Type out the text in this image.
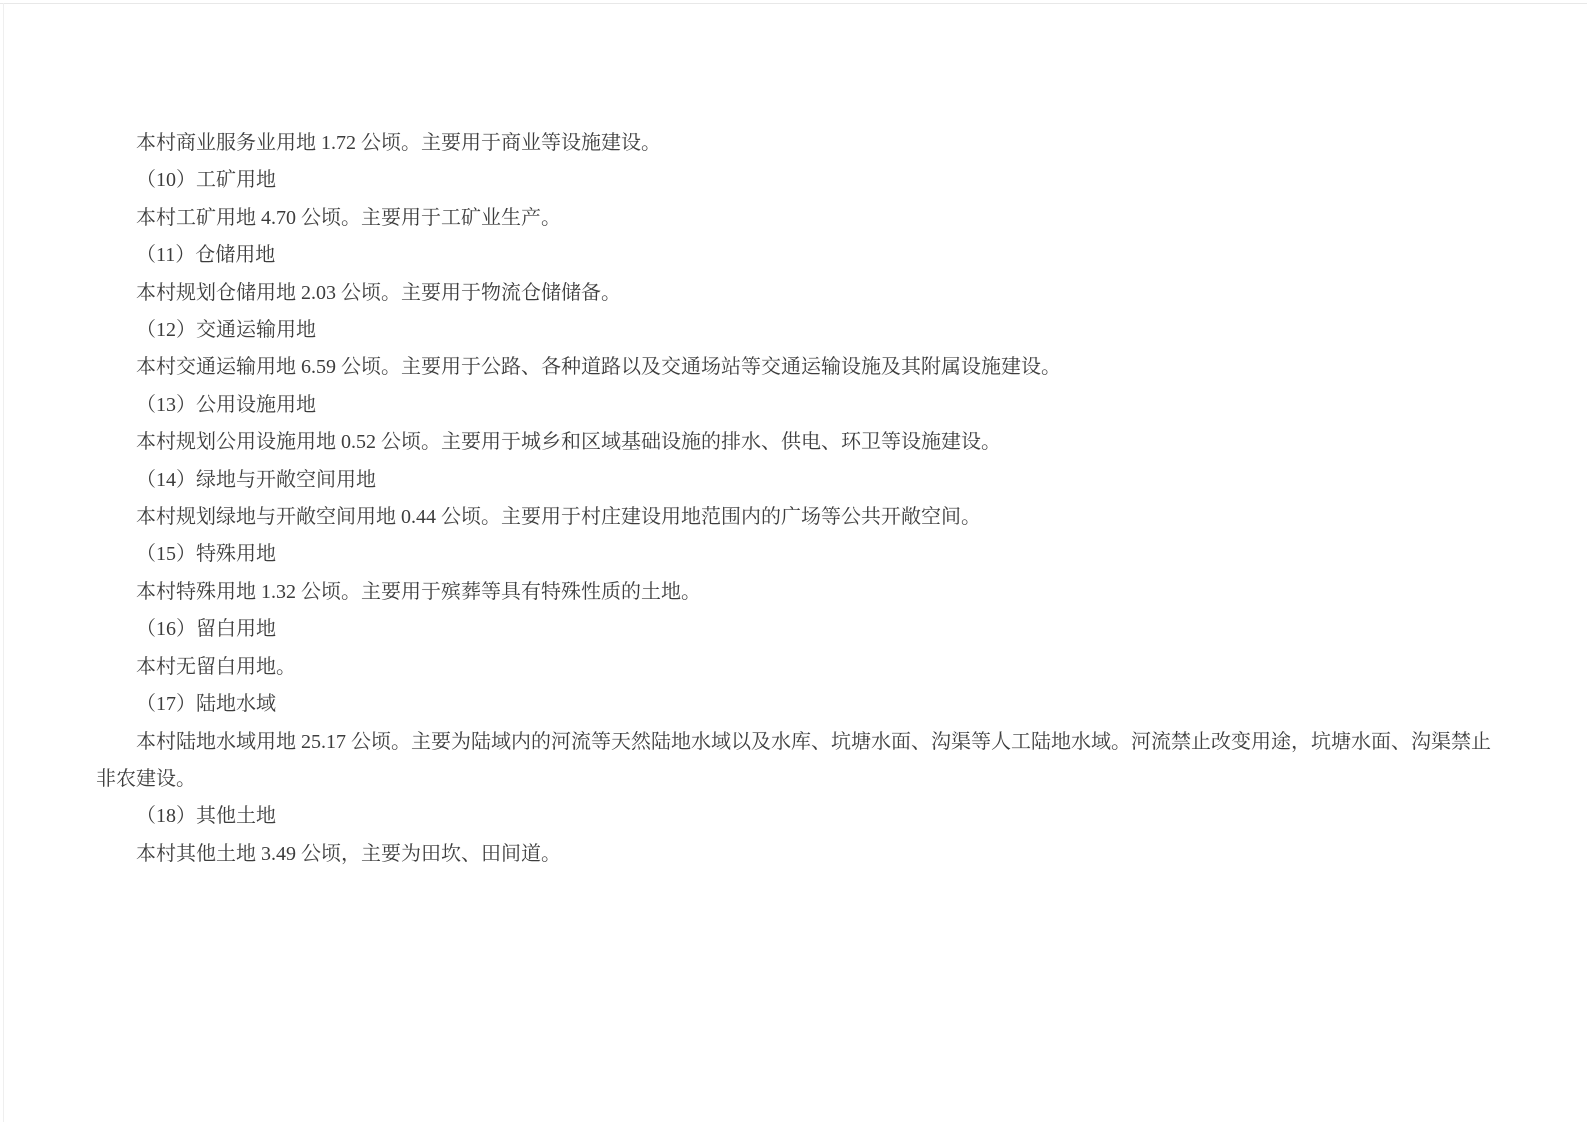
本村商业服务业用地 1.72 公顷。主要用于商业等设施建设。
（10）工矿用地
本村工矿用地 4.70 公顷。主要用于工矿业生产。
（11）仓储用地
本村规划仓储用地 2.03 公顷。主要用于物流仓储储备。
（12）交通运输用地
本村交通运输用地 6.59 公顷。主要用于公路、各种道路以及交通场站等交通运输设施及其附属设施建设。
（13）公用设施用地
本村规划公用设施用地 0.52 公顷。主要用于城乡和区域基础设施的排水、供电、环卫等设施建设。
（14）绿地与开敞空间用地
本村规划绿地与开敞空间用地 0.44 公顷。主要用于村庄建设用地范围内的广场等公共开敞空间。
（15）特殊用地
本村特殊用地 1.32 公顷。主要用于殡葬等具有特殊性质的土地。
（16）留白用地
本村无留白用地。
（17）陆地水域
本村陆地水域用地 25.17 公顷。主要为陆域内的河流等天然陆地水域以及水库、坑塘水面、沟渠等人工陆地水域。河流禁止改变用途，坑塘水面、沟渠禁止
非农建设。
（18）其他土地
本村其他土地 3.49 公顷，主要为田坎、田间道。
